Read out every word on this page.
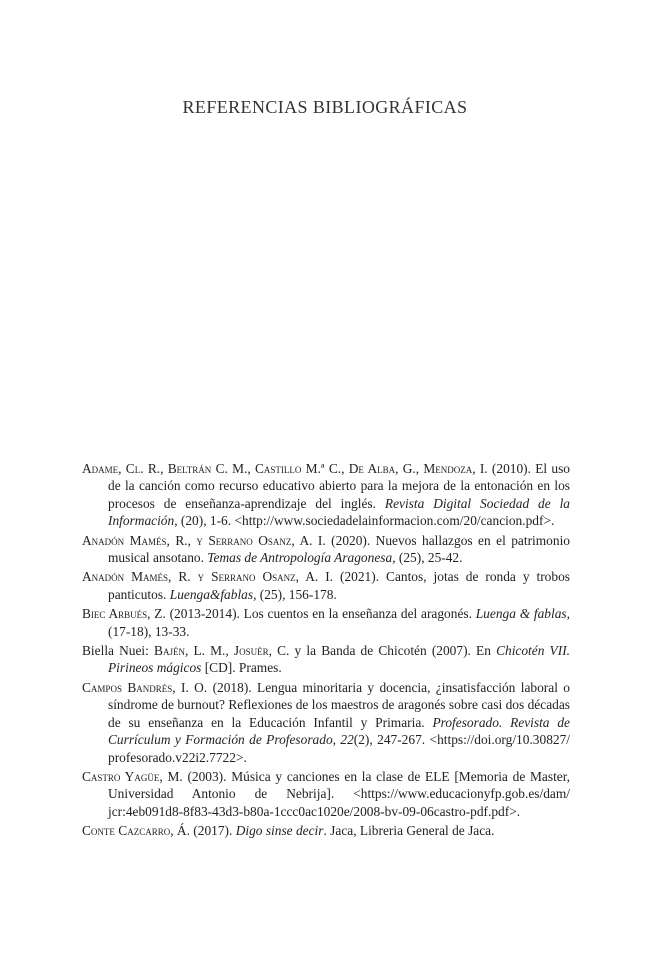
REFERENCIAS BIBLIOGRÁFICAS

Adame, Cl. R., Beltrán C. M., Castillo M.ª C., De Alba, G., Mendoza, I. (2010). El uso de la canción como recurso educativo abierto para la mejora de la entonación en los procesos de enseñanza-aprendizaje del inglés. Revista Digital Sociedad de la Información, (20), 1-6. <http://www.sociedadelainformacion.com/20/​cancion.pdf>.

Anadón Mamés, R., y Serrano Osanz, A. I. (2020). Nuevos hallazgos en el patrimonio musical ansotano. Temas de Antropología Aragonesa, (25), 25-42.

Anadón Mamés, R. y Serrano Osanz, A. I. (2021). Cantos, jotas de ronda y trobos panticutos. Luenga&fablas, (25), 156-178.

Biec Arbués, Z. (2013-2014). Los cuentos en la enseñanza del aragonés. Luenga & fablas, (17-18), 13-33.

Biella Nuei: Bajén, L. M., Josuèr, C. y la Banda de Chicotén (2007). En Chicotén VII. Pirineos mágicos [CD]. Prames.

Campos Bandrés, I. O. (2018). Lengua minoritaria y docencia, ¿insatisfacción laboral o síndrome de burnout? Reflexiones de los maestros de aragonés sobre casi dos décadas de su enseñanza en la Educación Infantil y Primaria. Profesorado. Revista de Currículum y Formación de Profesorado, 22(2), 247-267. <https://doi.org/10.30827/​profesorado.v22i2.7722>.

Castro Yagüe, M. (2003). Música y canciones en la clase de ELE [Memoria de Master, Universidad Antonio de Nebrija]. <https://www.educacionyfp.gob.es/dam/​jcr:4eb091d8-8f83-43d3-b80a-1ccc0ac1020e/2008-bv-09-06castro-pdf.pdf>.

Conte Cazcarro, Á. (2017). Digo sinse decir. Jaca, Libreria General de Jaca.
